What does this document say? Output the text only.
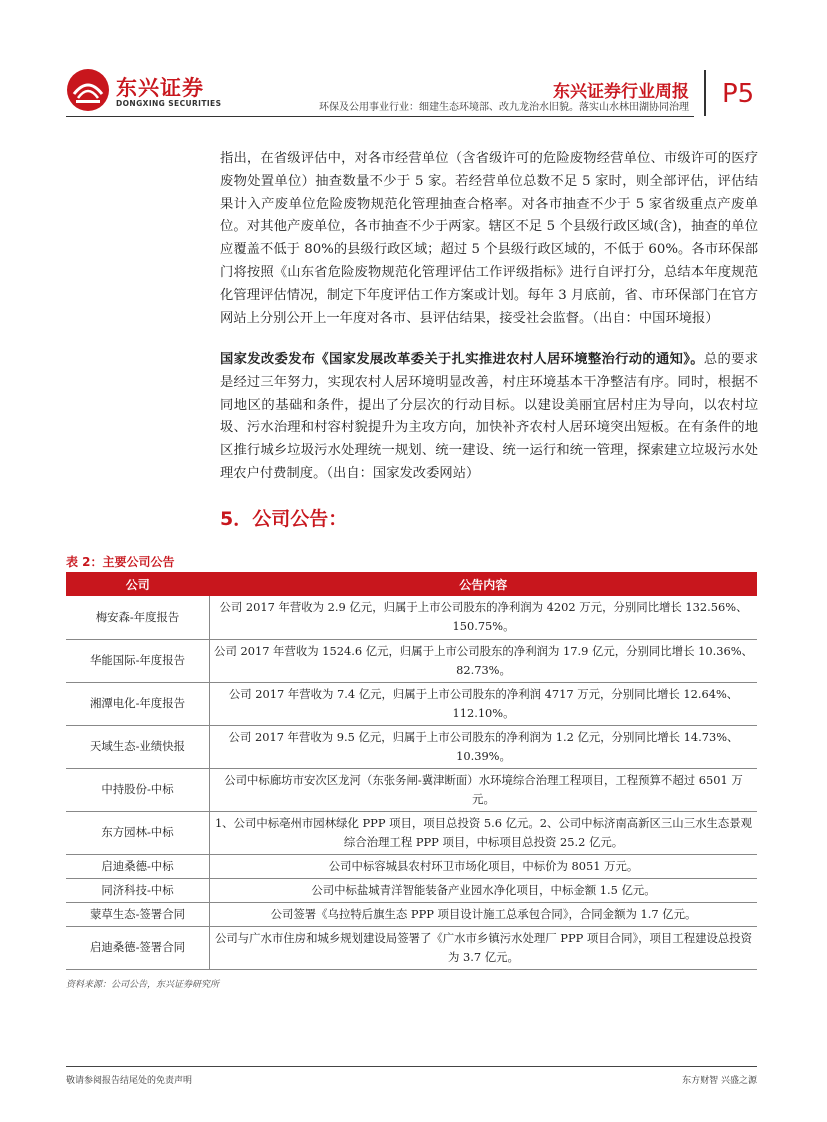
东兴证券
DONGXING SECURITIES
东兴证券行业周报
环保及公用事业行业：细建生态环境部、改九龙治水旧貌。落实山水林田湖协同治理 P5

指出，在省级评估中，对各市经营单位（含省级许可的危险废物经营单位、市级许可的医疗废物处置单位）抽查数量不少于 5 家。若经营单位总数不足 5 家时，则全部评估，评估结果计入产废单位危险废物规范化管理抽查合格率。对各市抽查不少于 5 家省级重点产废单位。对其他产废单位，各市抽查不少于两家。辖区不足 5 个县级行政区域(含)，抽查的单位应覆盖不低于 80%的县级行政区域；超过 5 个县级行政区域的，不低于 60%。各市环保部门将按照《山东省危险废物规范化管理评估工作评级指标》进行自评打分，总结本年度规范化管理评估情况，制定下年度评估工作方案或计划。每年 3 月底前，省、市环保部门在官方网站上分别公开上一年度对各市、县评估结果，接受社会监督。（出自：中国环境报）

国家发改委发布《国家发展改革委关于扎实推进农村人居环境整治行动的通知》。总的要求是经过三年努力，实现农村人居环境明显改善，村庄环境基本干净整洁有序。同时，根据不同地区的基础和条件，提出了分层次的行动目标。以建设美丽宜居村庄为导向，以农村垃圾、污水治理和村容村貌提升为主攻方向，加快补齐农村人居环境突出短板。在有条件的地区推行城乡垃圾污水处理统一规划、统一建设、统一运行和统一管理，探索建立垃圾污水处理农户付费制度。（出自：国家发改委网站）

5．公司公告：
表 2：主要公司公告
公司	公告内容
梅安森-年度报告	公司 2017 年营收为 2.9 亿元，归属于上市公司股东的净利润为 4202 万元，分别同比增长 132.56%、150.75%。
华能国际-年度报告	公司 2017 年营收为 1524.6 亿元，归属于上市公司股东的净利润为 17.9 亿元，分别同比增长 10.36%、82.73%。
湘潭电化-年度报告	公司 2017 年营收为 7.4 亿元，归属于上市公司股东的净利润 4717 万元，分别同比增长 12.64%、112.10%。
天域生态-业绩快报	公司 2017 年营收为 9.5 亿元，归属于上市公司股东的净利润为 1.2 亿元，分别同比增长 14.73%、10.39%。
中持股份-中标	公司中标廊坊市安次区龙河（东张务闸-冀津断面）水环境综合治理工程项目，工程预算不超过 6501 万元。
东方园林-中标	1、公司中标亳州市园林绿化 PPP 项目，项目总投资 5.6 亿元。2、公司中标济南高新区三山三水生态景观综合治理工程 PPP 项目，中标项目总投资 25.2 亿元。
启迪桑德-中标	公司中标容城县农村环卫市场化项目，中标价为 8051 万元。
同济科技-中标	公司中标盐城青洋智能装备产业园水净化项目，中标金额 1.5 亿元。
蒙草生态-签署合同	公司签署《乌拉特后旗生态 PPP 项目设计施工总承包合同》，合同金额为 1.7 亿元。
启迪桑德-签署合同	公司与广水市住房和城乡规划建设局签署了《广水市乡镇污水处理厂 PPP 项目合同》，项目工程建设总投资为 3.7 亿元。
资料来源：公司公告，东兴证券研究所
敬请参阅报告结尾处的免责声明	东方财智 兴盛之源
